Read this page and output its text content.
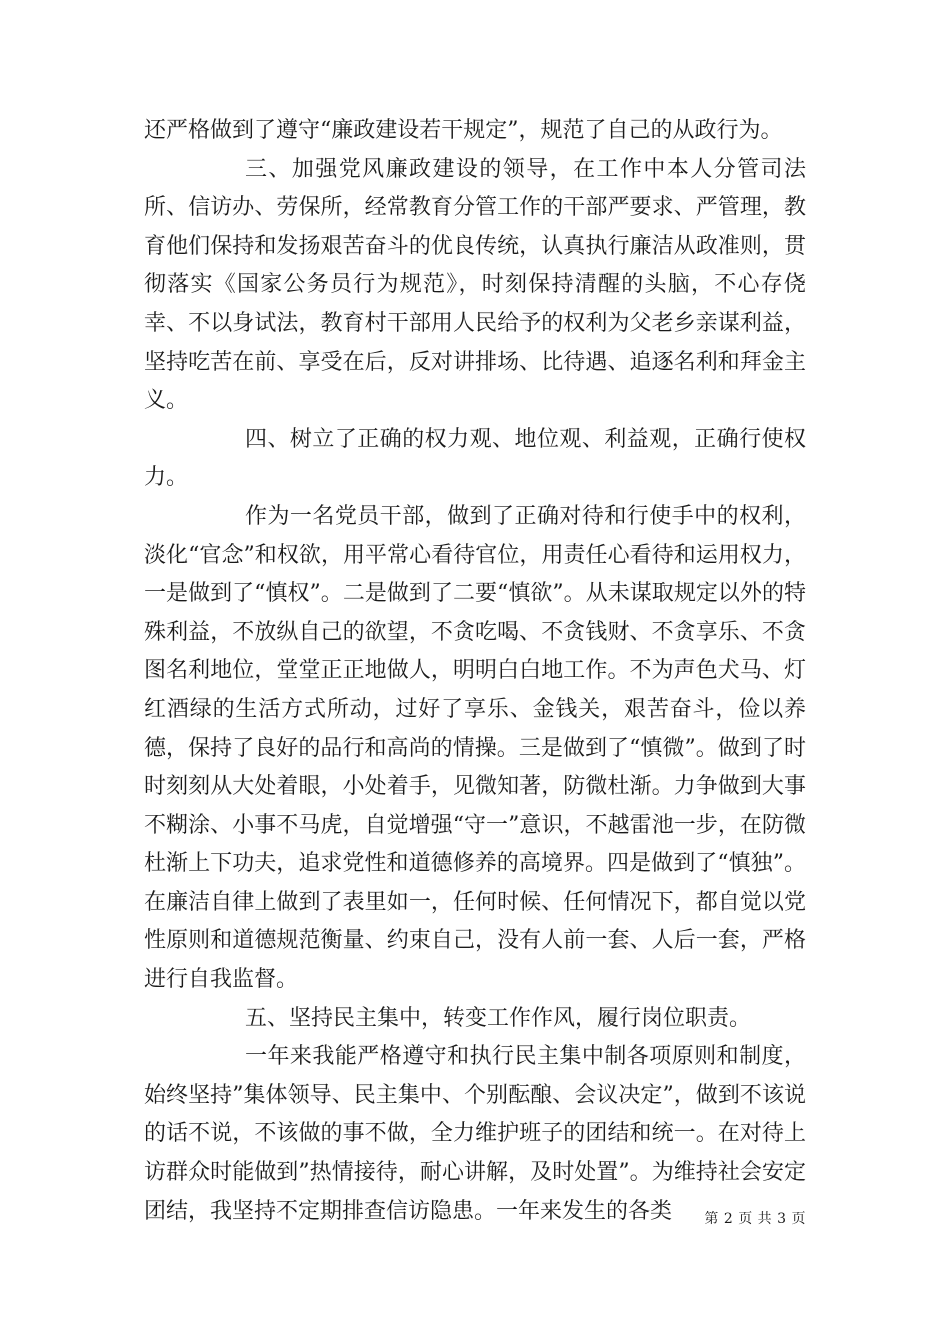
还严格做到了遵守“廉政建设若干规定”，规范了自己的从政行为。

三、加强党风廉政建设的领导，在工作中本人分管司法所、信访办、劳保所，经常教育分管工作的干部严要求、严管理，教育他们保持和发扬艰苦奋斗的优良传统，认真执行廉洁从政准则，贯彻落实《国家公务员行为规范》，时刻保持清醒的头脑，不心存侥幸、不以身试法，教育村干部用人民给予的权利为父老乡亲谋利益，坚持吃苦在前、享受在后，反对讲排场、比待遇、追逐名利和拜金主义。

四、树立了正确的权力观、地位观、利益观，正确行使权力。

作为一名党员干部，做到了正确对待和行使手中的权利，淡化“官念”和权欲，用平常心看待官位，用责任心看待和运用权力，一是做到了“慎权”。二是做到了二要“慎欲”。从未谋取规定以外的特殊利益，不放纵自己的欲望，不贪吃喝、不贪钱财、不贪享乐、不贪图名利地位，堂堂正正地做人，明明白白地工作。不为声色犬马、灯红酒绿的生活方式所动，过好了享乐、金钱关，艰苦奋斗，俭以养德，保持了良好的品行和高尚的情操。三是做到了“慎微”。做到了时时刻刻从大处着眼，小处着手，见微知著，防微杜渐。力争做到大事不糊涂、小事不马虎，自觉增强“守一”意识，不越雷池一步，在防微杜渐上下功夫，追求党性和道德修养的高境界。四是做到了“慎独”。在廉洁自律上做到了表里如一，任何时候、任何情况下，都自觉以党性原则和道德规范衡量、约束自己，没有人前一套、人后一套，严格进行自我监督。

五、坚持民主集中，转变工作作风，履行岗位职责。

一年来我能严格遵守和执行民主集中制各项原则和制度，始终坚持”集体领导、民主集中、个别酝酿、会议决定”，做到不该说的话不说，不该做的事不做，全力维护班子的团结和统一。在对待上访群众时能做到”热情接待，耐心讲解，及时处置”。为维持社会安定团结，我坚持不定期排查信访隐患。一年来发生的各类	第 2 页 共 3 页
